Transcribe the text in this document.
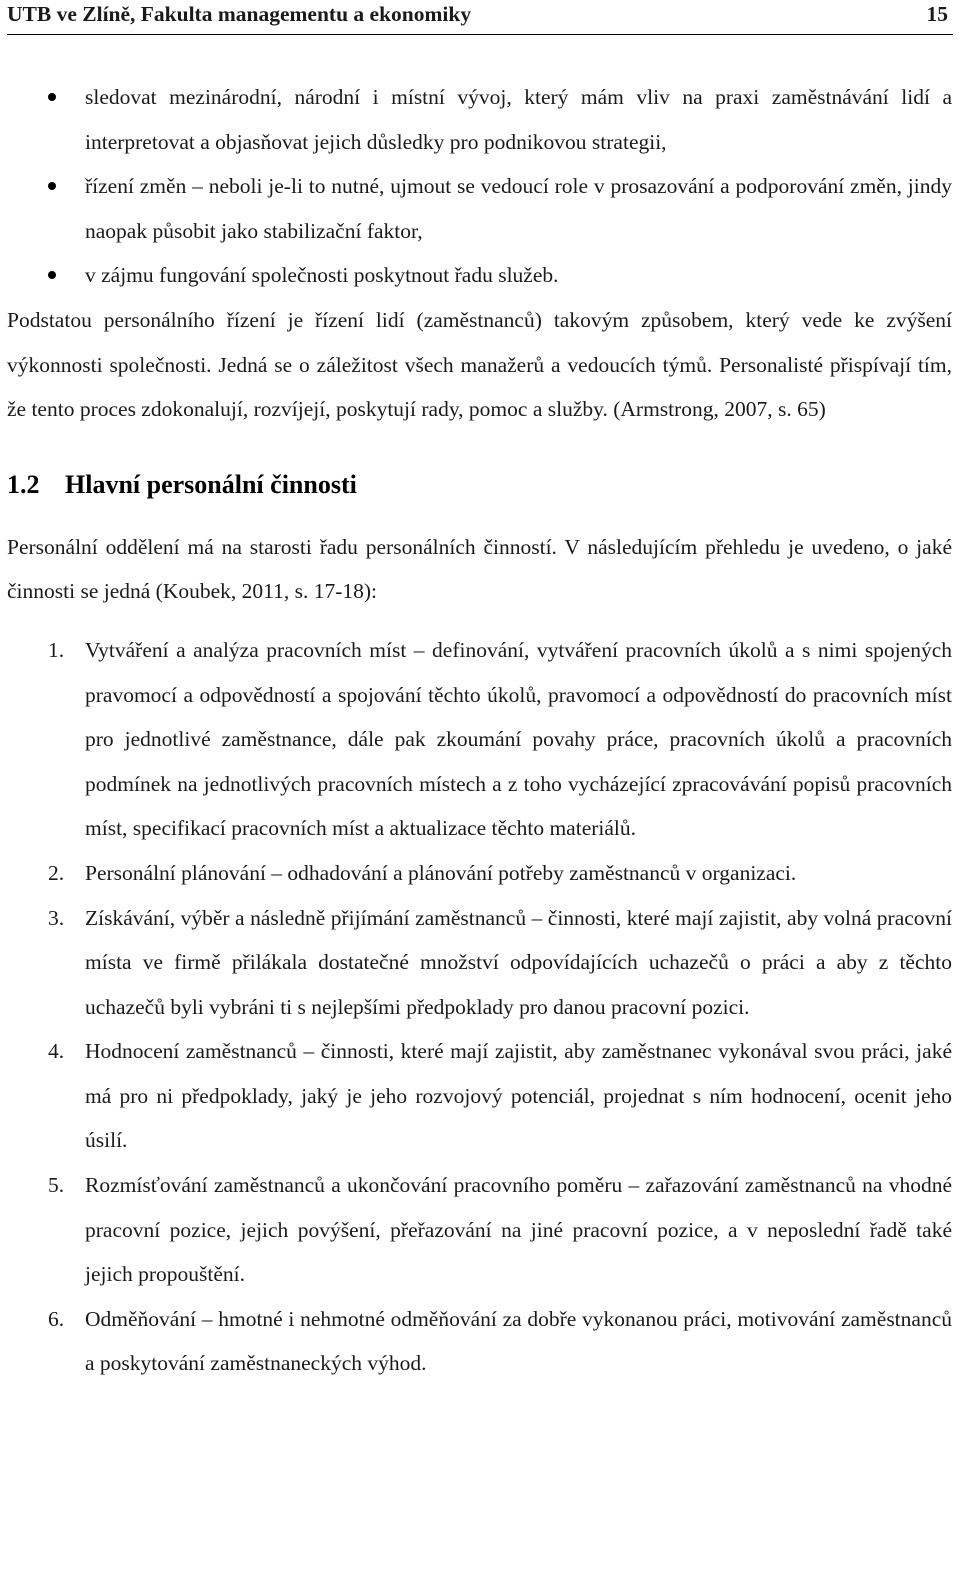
UTB ve Zlíně, Fakulta managementu a ekonomiky	15
sledovat mezinárodní, národní i místní vývoj, který mám vliv na praxi zaměstnávání lidí a interpretovat a objasňovat jejich důsledky pro podnikovou strategii,
řízení změn – neboli je-li to nutné, ujmout se vedoucí role v prosazování a podporování změn, jindy naopak působit jako stabilizační faktor,
v zájmu fungování společnosti poskytnout řadu služeb.

Podstatou personálního řízení je řízení lidí (zaměstnanců) takovým způsobem, který vede ke zvýšení výkonnosti společnosti. Jedná se o záležitost všech manažerů a vedoucích týmů. Personalisté přispívají tím, že tento proces zdokonalují, rozvíjejí, poskytují rady, pomoc a služby. (Armstrong, 2007, s. 65)

1.2 Hlavní personální činnosti

Personální oddělení má na starosti řadu personálních činností. V následujícím přehledu je uvedeno, o jaké činnosti se jedná (Koubek, 2011, s. 17-18):

1. Vytváření a analýza pracovních míst – definování, vytváření pracovních úkolů a s nimi spojených pravomocí a odpovědností a spojování těchto úkolů, pravomocí a odpovědností do pracovních míst pro jednotlivé zaměstnance, dále pak zkoumání povahy práce, pracovních úkolů a pracovních podmínek na jednotlivých pracovních místech a z toho vycházející zpracovávání popisů pracovních míst, specifikací pracovních míst a aktualizace těchto materiálů.
2. Personální plánování – odhadování a plánování potřeby zaměstnanců v organizaci.
3. Získávání, výběr a následně přijímání zaměstnanců – činnosti, které mají zajistit, aby volná pracovní místa ve firmě přilákala dostatečné množství odpovídajících uchazečů o práci a aby z těchto uchazečů byli vybráni ti s nejlepšími předpoklady pro danou pracovní pozici.
4. Hodnocení zaměstnanců – činnosti, které mají zajistit, aby zaměstnanec vykonával svou práci, jaké má pro ni předpoklady, jaký je jeho rozvojový potenciál, projednat s ním hodnocení, ocenit jeho úsilí.
5. Rozmísťování zaměstnanců a ukončování pracovního poměru – zařazování zaměstnanců na vhodné pracovní pozice, jejich povýšení, přeřazování na jiné pracovní pozice, a v neposlední řadě také jejich propouštění.
6. Odměňování – hmotné i nehmotné odměňování za dobře vykonanou práci, motivování zaměstnanců a poskytování zaměstnaneckých výhod.
